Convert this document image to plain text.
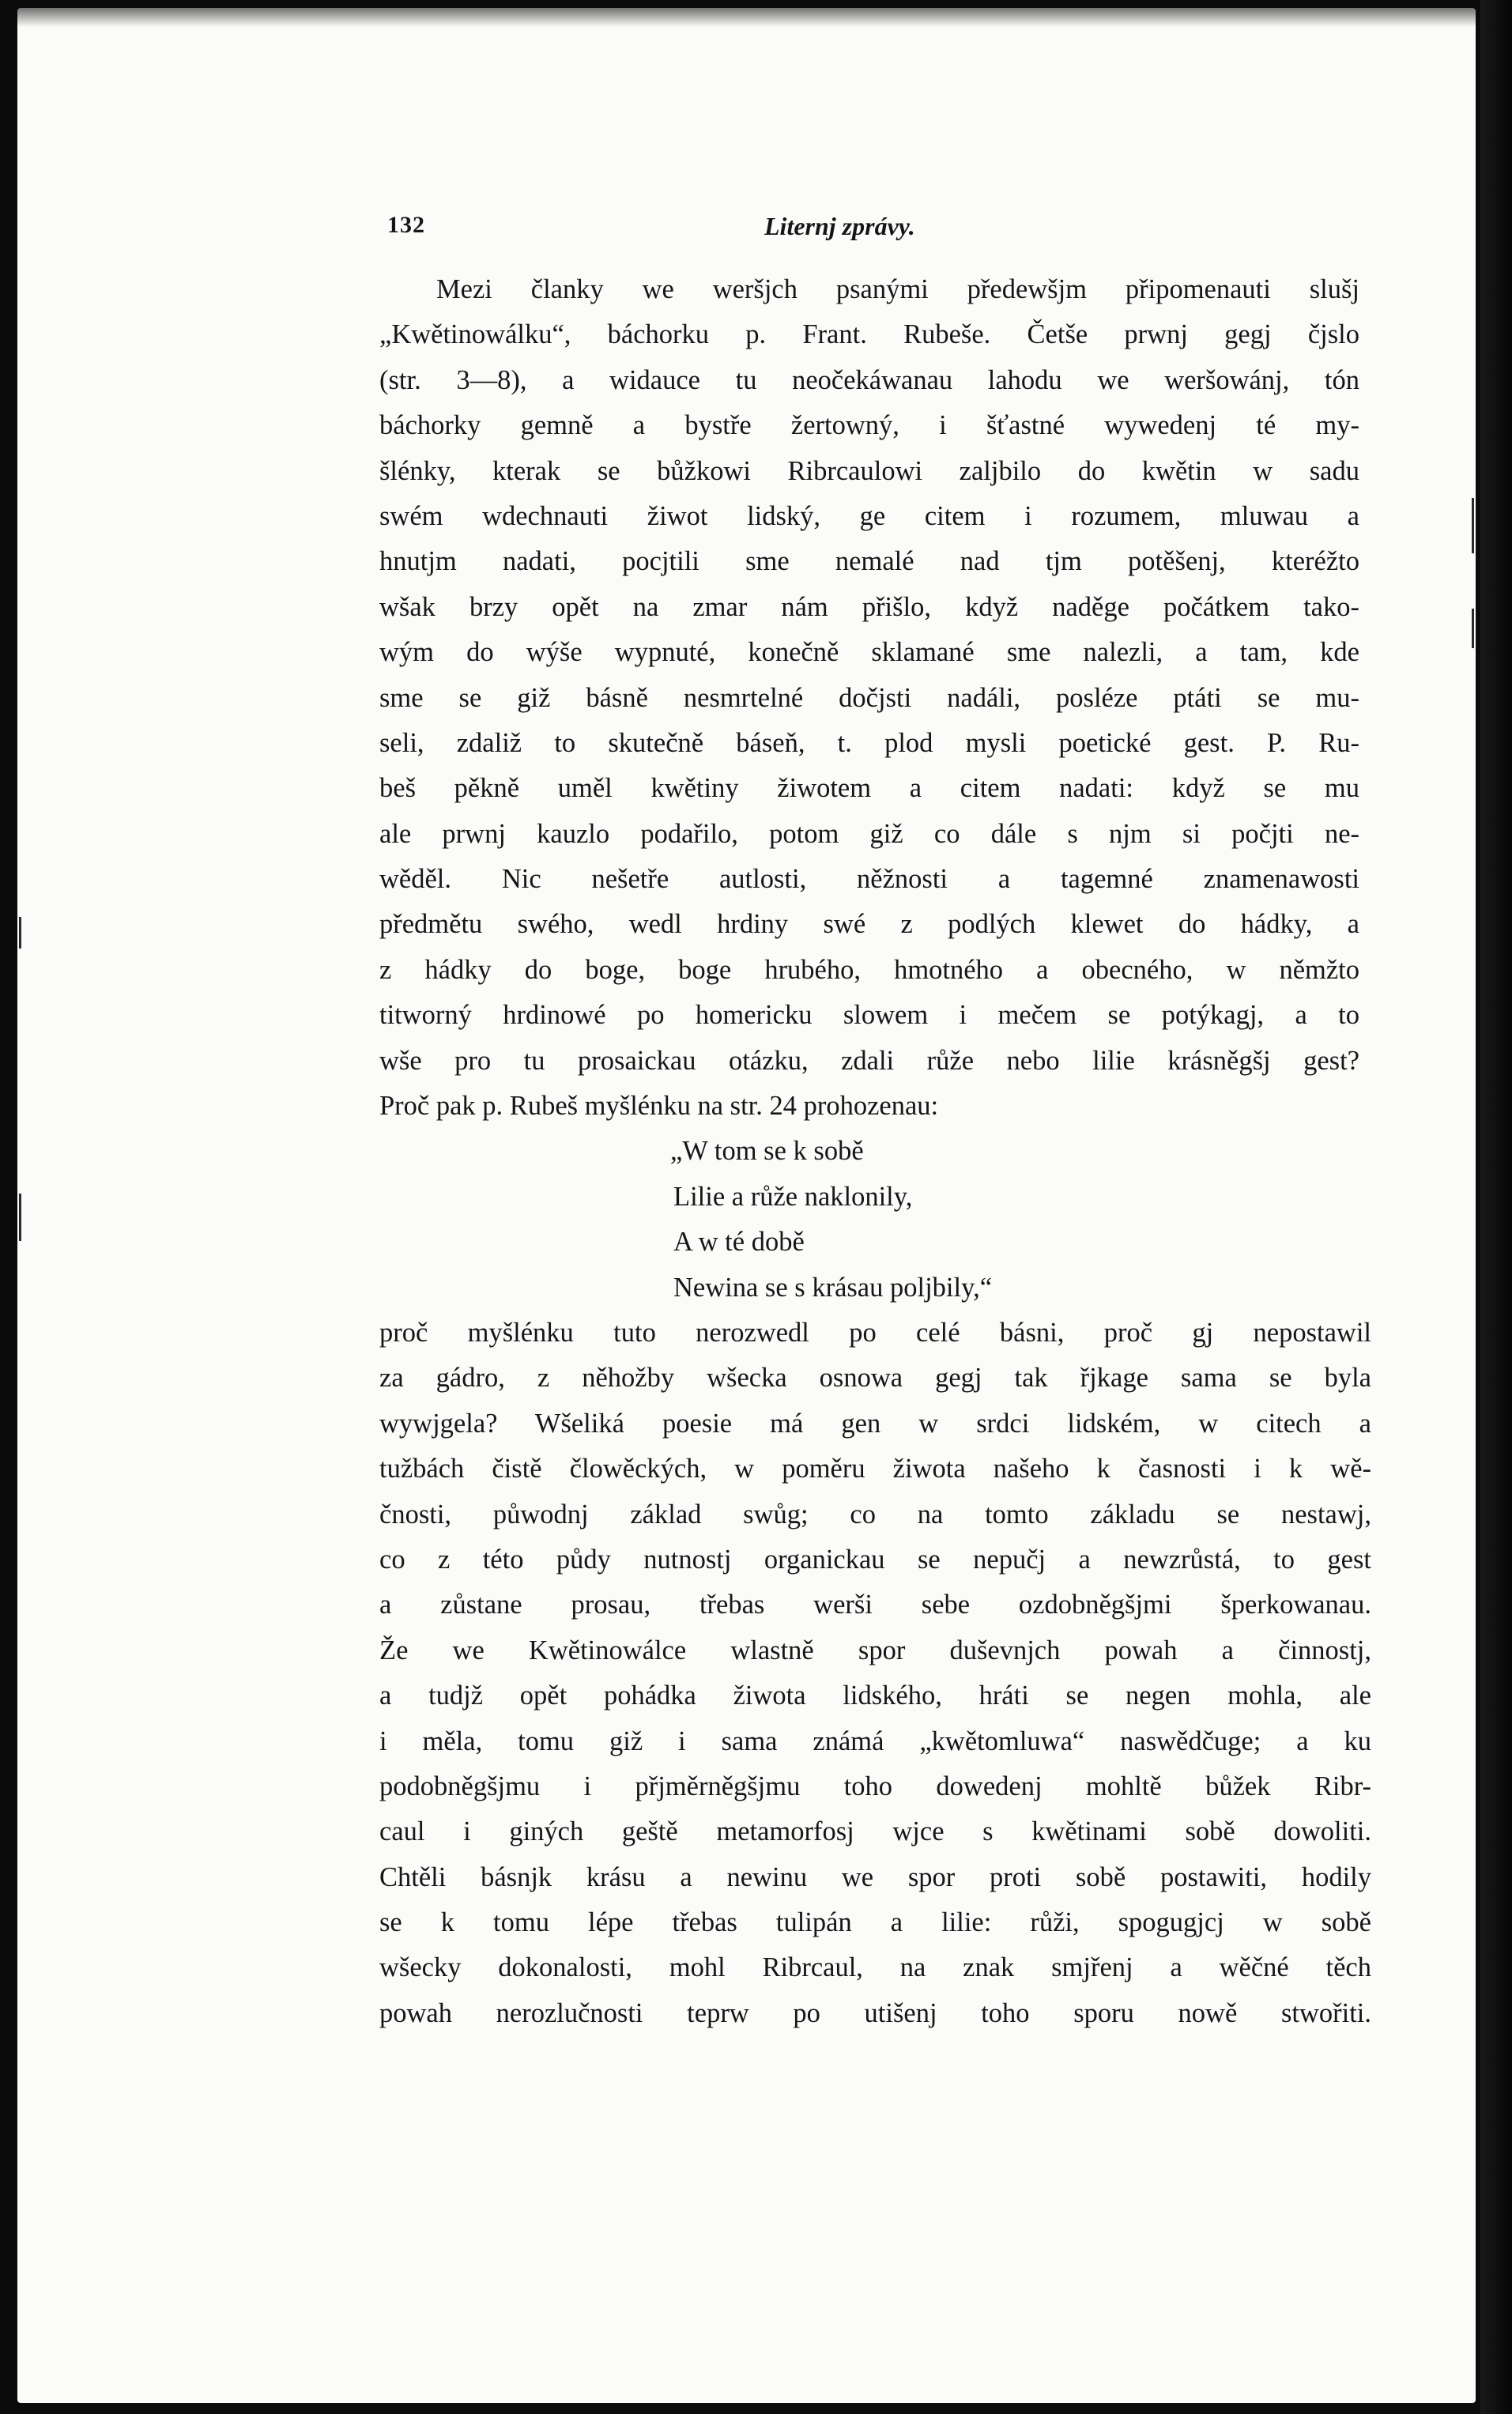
132	Liternj zprávy.
Mezi članky we weršjch psanými předewšjm připomenauti slušj
„Kwětinowálku“, báchorku p. Frant. Rubeše. Četše prwnj gegj čjslo
(str. 3—8), a widauce tu neočekáwanau lahodu we weršowánj, tón
báchorky gemně a bystře žertowný, i šťastné wywedenj té my-
šlénky, kterak se bůžkowi Ribrcaulowi zaljbilo do kwětin w sadu
swém wdechnauti žiwot lidský, ge citem i rozumem, mluwau a
hnutjm nadati, pocjtili sme nemalé nad tjm potěšenj, kteréžto
wšak brzy opět na zmar nám přišlo, když naděge počátkem tako-
wým do wýše wypnuté, konečně sklamané sme nalezli, a tam, kde
sme se giž básně nesmrtelné dočjsti nadáli, posléze ptáti se mu-
seli, zdaliž to skutečně báseň, t. plod mysli poetické gest. P. Ru-
beš pěkně uměl kwětiny žiwotem a citem nadati: když se mu
ale prwnj kauzlo podařilo, potom giž co dále s njm si počjti ne-
wěděl. Nic nešetře autlosti, něžnosti a tagemné znamenawosti
předmětu swého, wedl hrdiny swé z podlých klewet do hádky, a
z hádky do boge, boge hrubého, hmotného a obecného, w němžto
titworný hrdinowé po homericku slowem i mečem se potýkagj, a to
wše pro tu prosaickau otázku, zdali růže nebo lilie krásněgšj gest?
Proč pak p. Rubeš myšlénku na str. 24 prohozenau:
„W tom se k sobě
Lilie a růže naklonily,
A w té době
Newina se s krásau poljbily,“
proč myšlénku tuto nerozwedl po celé básni, proč gj nepostawil
za gádro, z něhožby wšecka osnowa gegj tak řjkage sama se byla
wywjgela? Wšeliká poesie má gen w srdci lidském, w citech a
tužbách čistě člowěckých, w poměru žiwota našeho k časnosti i k wě-
čnosti, půwodnj základ swůg; co na tomto základu se nestawj,
co z této půdy nutnostj organickau se nepučj a newzrůstá, to gest
a zůstane prosau, třebas werši sebe ozdobněgšjmi šperkowanau.
Že we Kwětinowálce wlastně spor duševnjch powah a činnostj,
a tudjž opět pohádka žiwota lidského, hráti se negen mohla, ale
i měla, tomu giž i sama známá „kwětomluwa“ naswědčuge; a ku
podobněgšjmu i přjměrněgšjmu toho dowedenj mohltě bůžek Ribr-
caul i giných geště metamorfosj wjce s kwětinami sobě dowoliti.
Chtěli básnjk krásu a newinu we spor proti sobě postawiti, hodily
se k tomu lépe třebas tulipán a lilie: růži, spogugjcj w sobě
wšecky dokonalosti, mohl Ribrcaul, na znak smjřenj a wěčné těch
powah nerozlučnosti teprw po utišenj toho sporu nowě stwořiti.
